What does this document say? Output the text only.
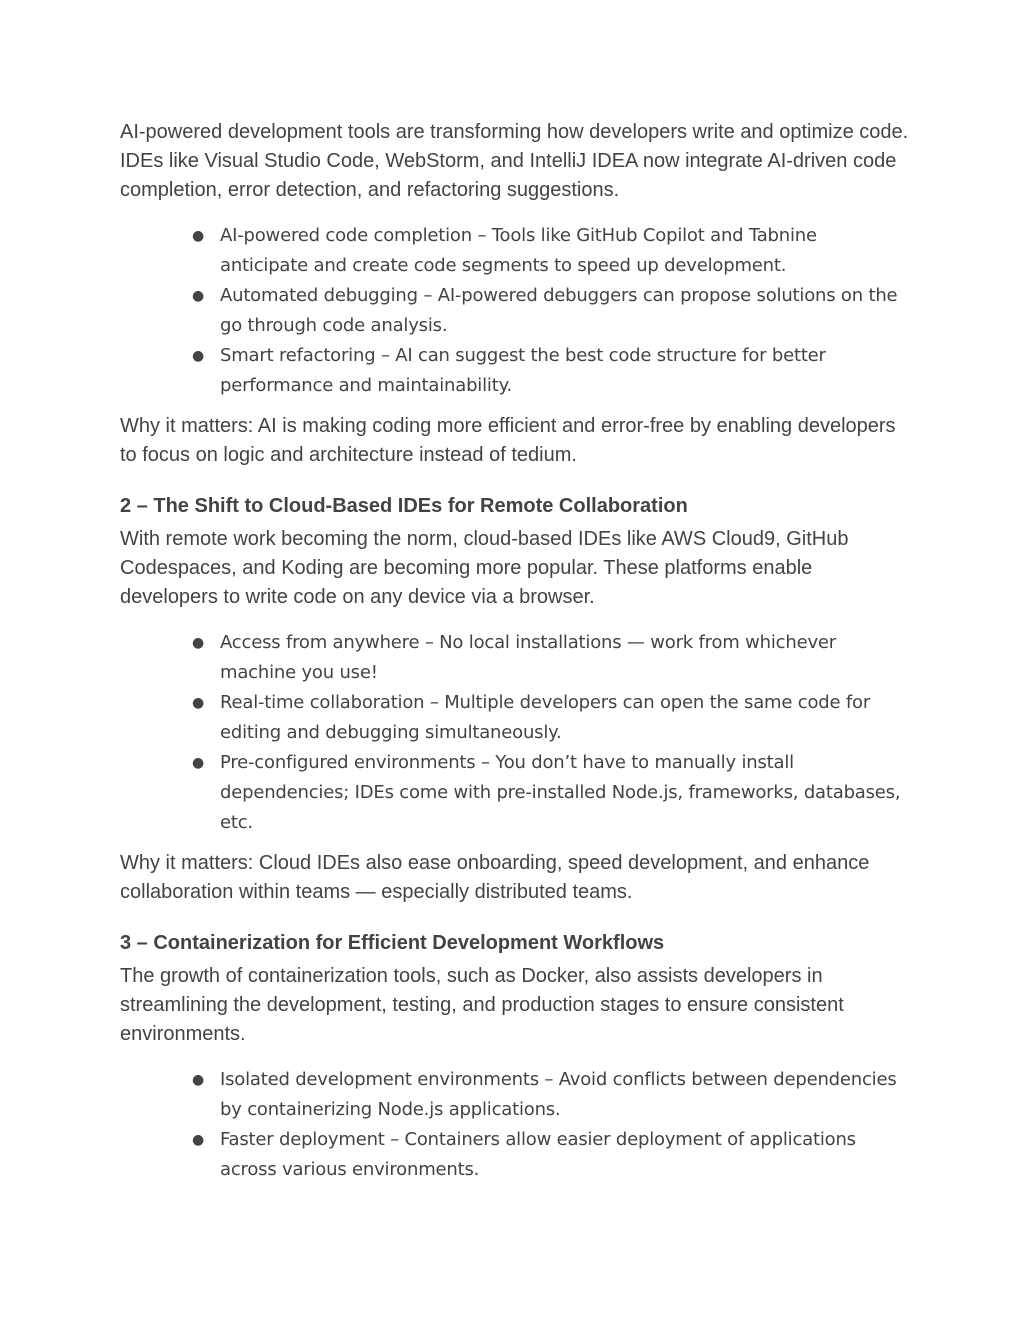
AI-powered development tools are transforming how developers write and optimize code. IDEs like Visual Studio Code, WebStorm, and IntelliJ IDEA now integrate AI-driven code completion, error detection, and refactoring suggestions.

● AI-powered code completion – Tools like GitHub Copilot and Tabnine anticipate and create code segments to speed up development.
● Automated debugging – AI-powered debuggers can propose solutions on the go through code analysis.
● Smart refactoring – AI can suggest the best code structure for better performance and maintainability.

Why it matters: AI is making coding more efficient and error-free by enabling developers to focus on logic and architecture instead of tedium.

2 – The Shift to Cloud-Based IDEs for Remote Collaboration

With remote work becoming the norm, cloud-based IDEs like AWS Cloud9, GitHub Codespaces, and Koding are becoming more popular. These platforms enable developers to write code on any device via a browser.

● Access from anywhere – No local installations — work from whichever machine you use!
● Real-time collaboration – Multiple developers can open the same code for editing and debugging simultaneously.
● Pre-configured environments – You don’t have to manually install dependencies; IDEs come with pre-installed Node.js, frameworks, databases, etc.

Why it matters: Cloud IDEs also ease onboarding, speed development, and enhance collaboration within teams — especially distributed teams.

3 – Containerization for Efficient Development Workflows

The growth of containerization tools, such as Docker, also assists developers in streamlining the development, testing, and production stages to ensure consistent environments.

● Isolated development environments – Avoid conflicts between dependencies by containerizing Node.js applications.
● Faster deployment – Containers allow easier deployment of applications across various environments.
